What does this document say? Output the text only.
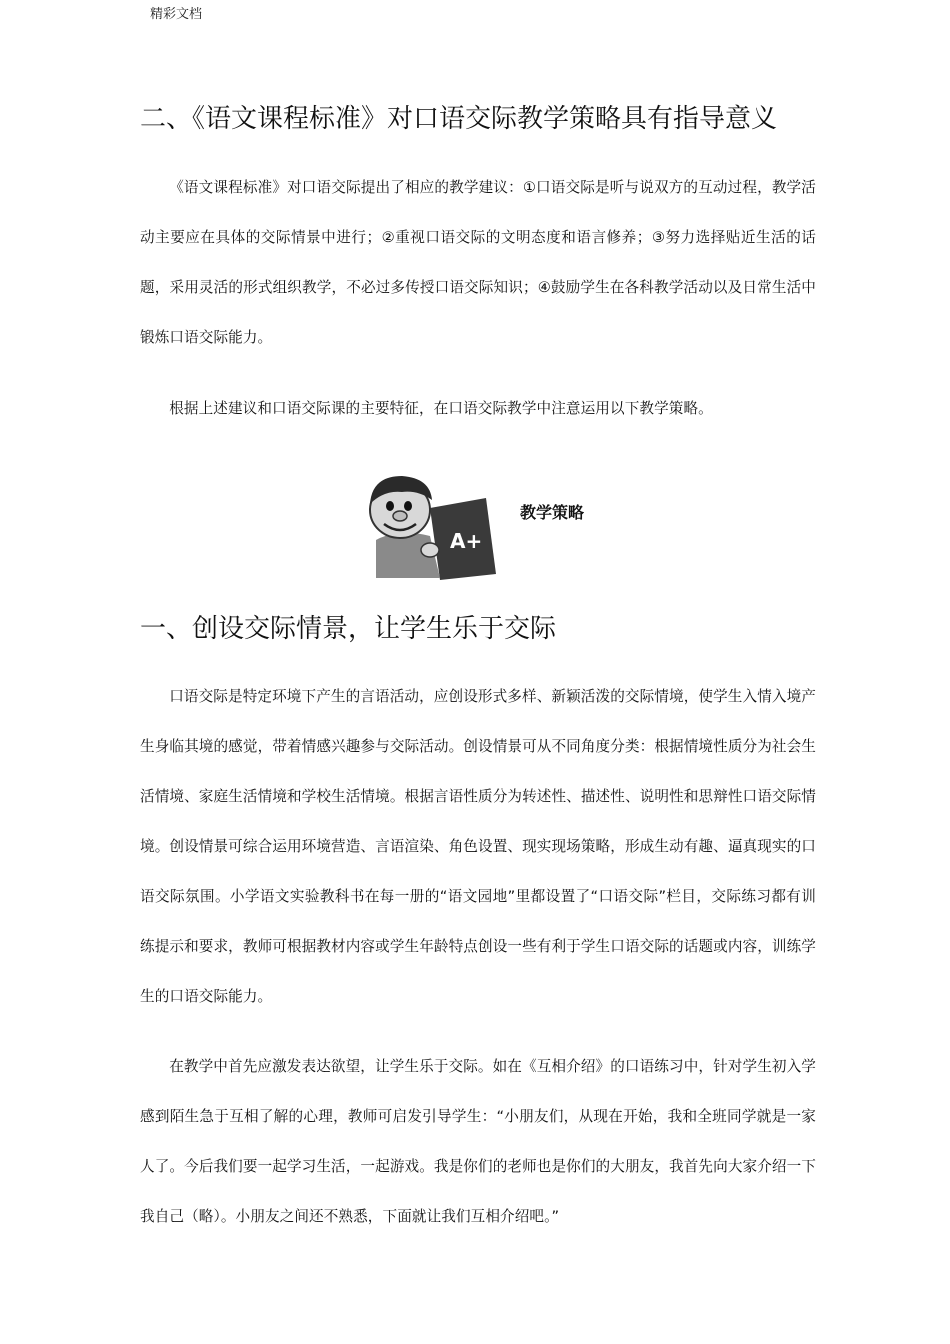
精彩文档
二、《语文课程标准》对口语交际教学策略具有指导意义

《语文课程标准》对口语交际提出了相应的教学建议：①口语交际是听与说双方的互动过程，教学活动主要应在具体的交际情景中进行；②重视口语交际的文明态度和语言修养；③努力选择贴近生活的话题，采用灵活的形式组织教学，不必过多传授口语交际知识；④鼓励学生在各科教学活动以及日常生活中锻炼口语交际能力。

根据上述建议和口语交际课的主要特征，在口语交际教学中注意运用以下教学策略。

A+
教学策略
一、创设交际情景，让学生乐于交际

口语交际是特定环境下产生的言语活动，应创设形式多样、新颖活泼的交际情境，使学生入情入境产生身临其境的感觉，带着情感兴趣参与交际活动。创设情景可从不同角度分类：根据情境性质分为社会生活情境、家庭生活情境和学校生活情境。根据言语性质分为转述性、描述性、说明性和思辩性口语交际情境。创设情景可综合运用环境营造、言语渲染、角色设置、现实现场策略，形成生动有趣、逼真现实的口语交际氛围。小学语文实验教科书在每一册的“语文园地”里都设置了“口语交际”栏目，交际练习都有训练提示和要求，教师可根据教材内容或学生年龄特点创设一些有利于学生口语交际的话题或内容，训练学生的口语交际能力。

在教学中首先应激发表达欲望，让学生乐于交际。如在《互相介绍》的口语练习中，针对学生初入学感到陌生急于互相了解的心理，教师可启发引导学生：“小朋友们，从现在开始，我和全班同学就是一家人了。今后我们要一起学习生活，一起游戏。我是你们的老师也是你们的大朋友，我首先向大家介绍一下我自己（略）。小朋友之间还不熟悉，下面就让我们互相介绍吧。”
